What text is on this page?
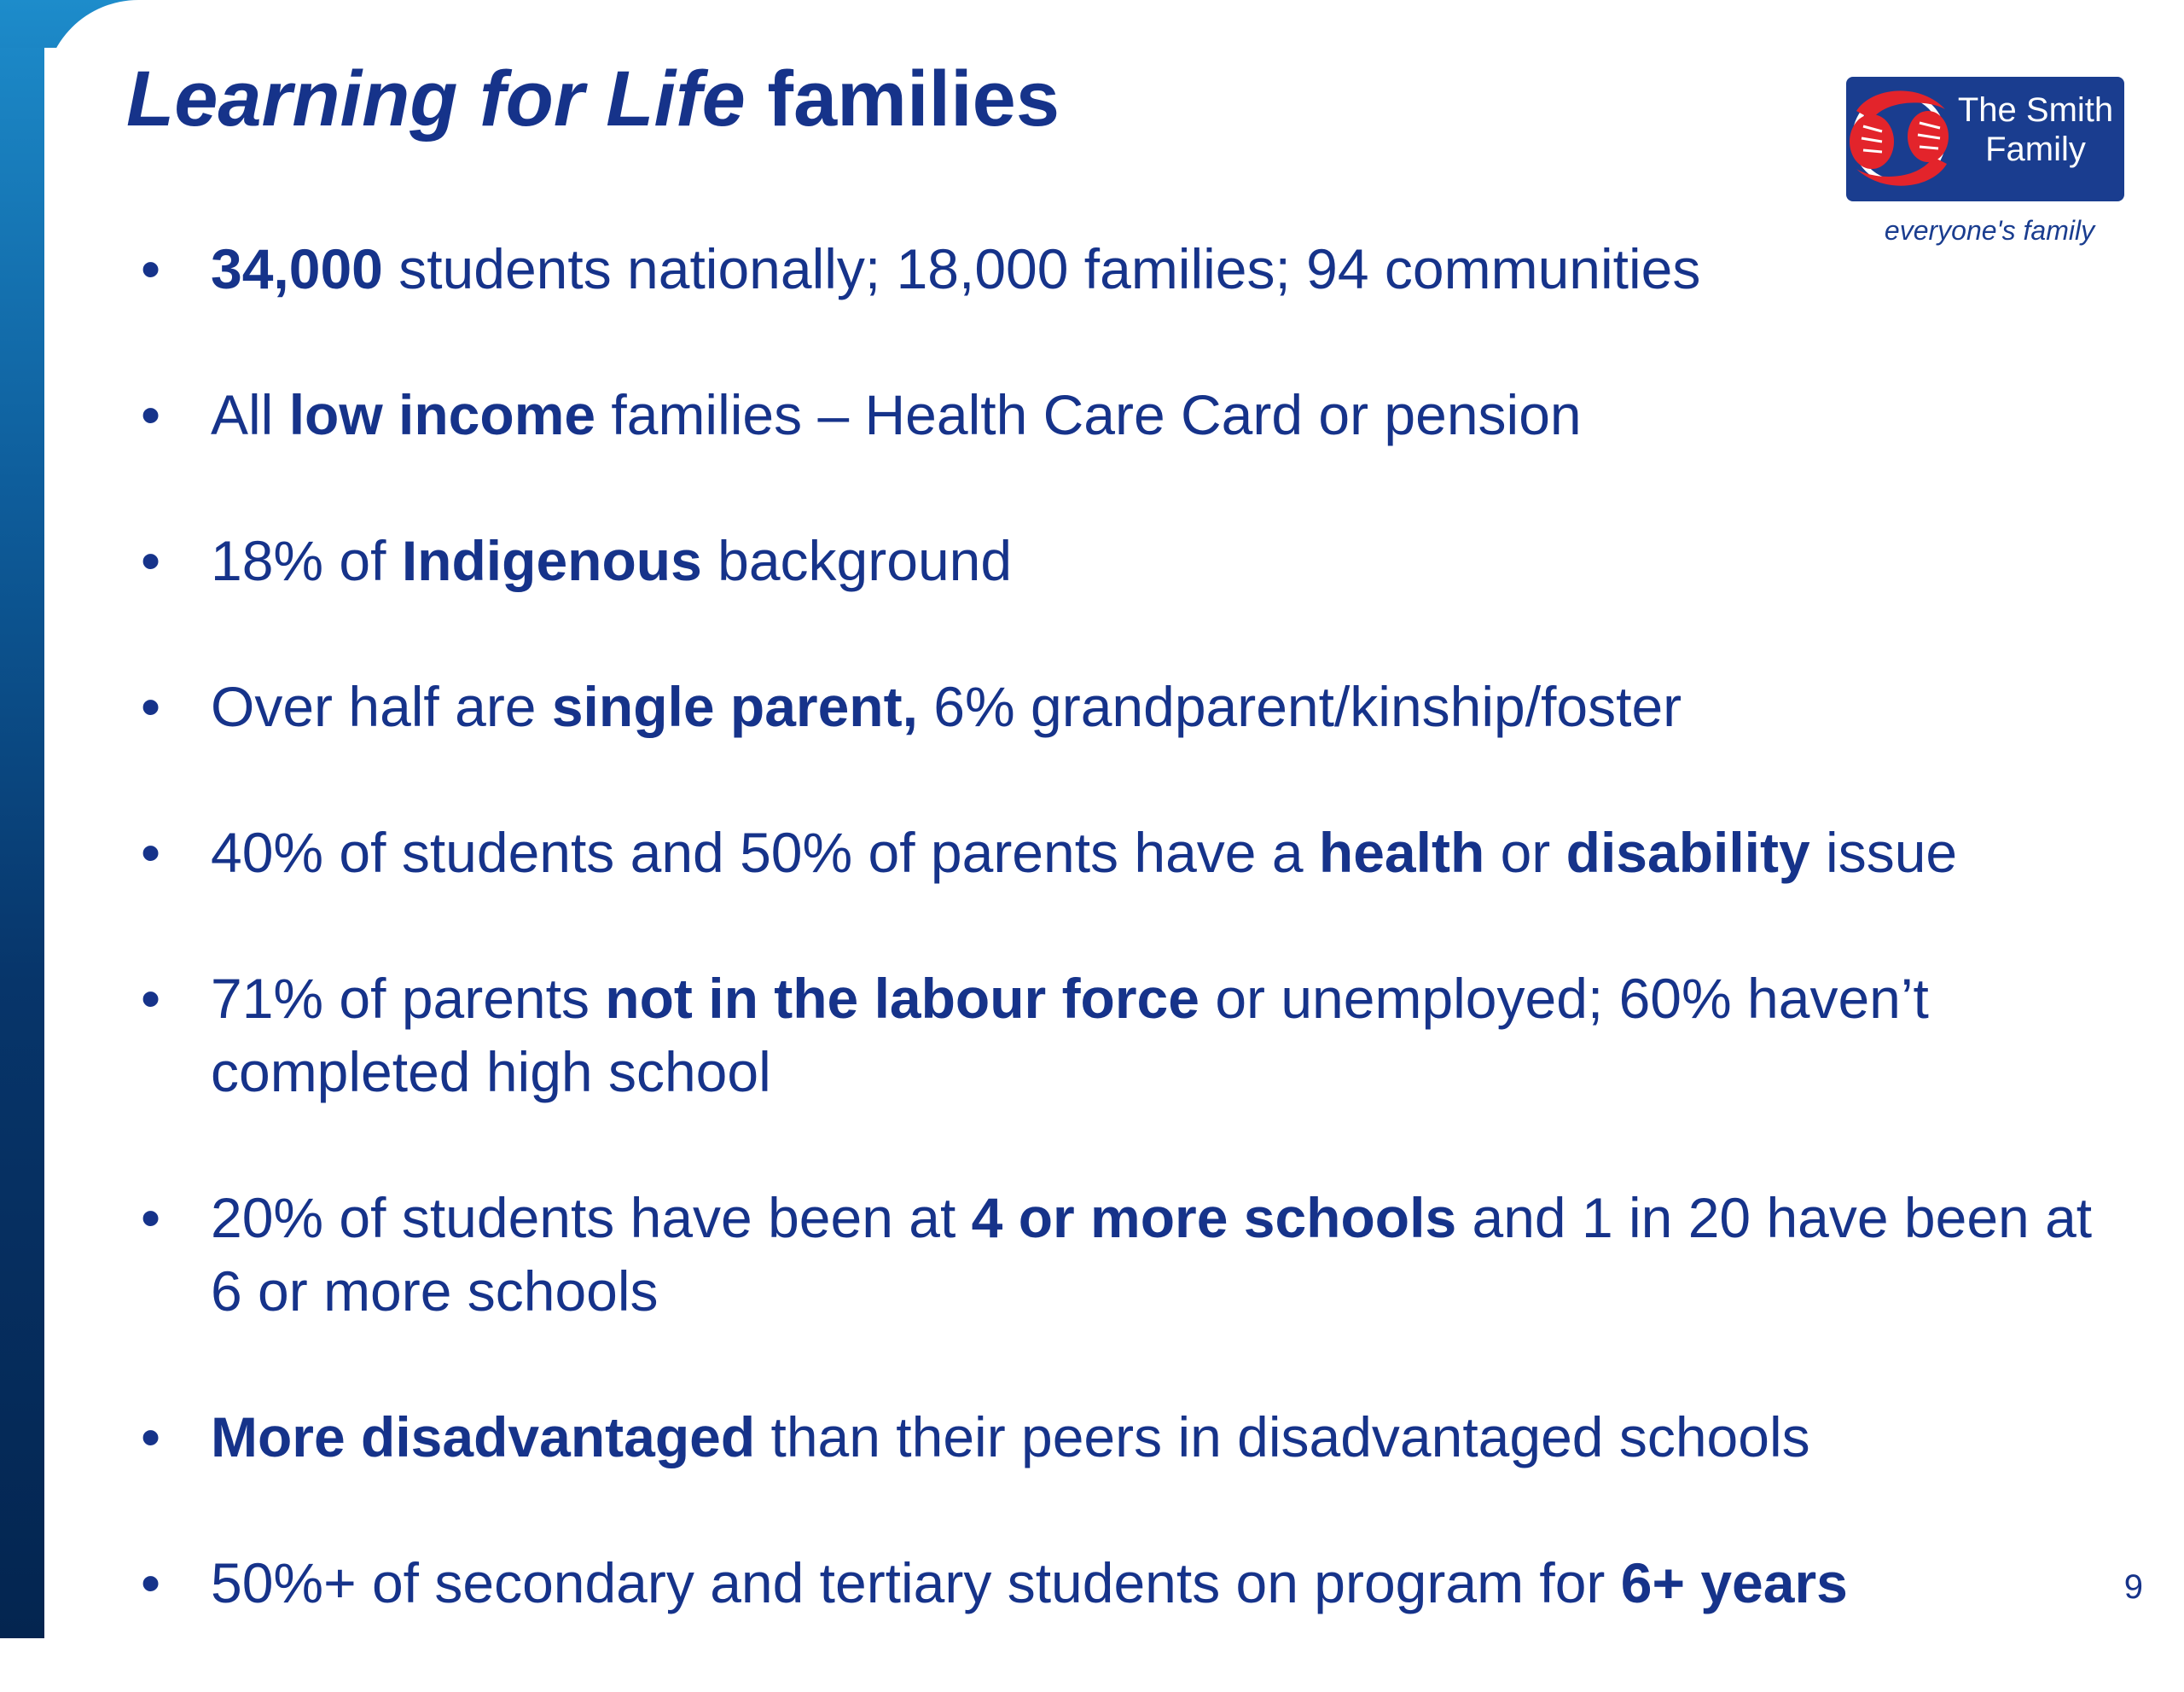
Learning for Life families	The Smith
Family
everyone's family
• 34,000 students nationally; 18,000 families; 94 communities
• All low income families – Health Care Card or pension
• 18% of Indigenous background
• Over half are single parent, 6% grandparent/kinship/foster
• 40% of students and 50% of parents have a health or disability issue
• 71% of parents not in the labour force or unemployed; 60% haven’t completed high school
• 20% of students have been at 4 or more schools and 1 in 20 have been at 6 or more schools
• More disadvantaged than their peers in disadvantaged schools
• 50%+ of secondary and tertiary students on program for 6+ years	9
